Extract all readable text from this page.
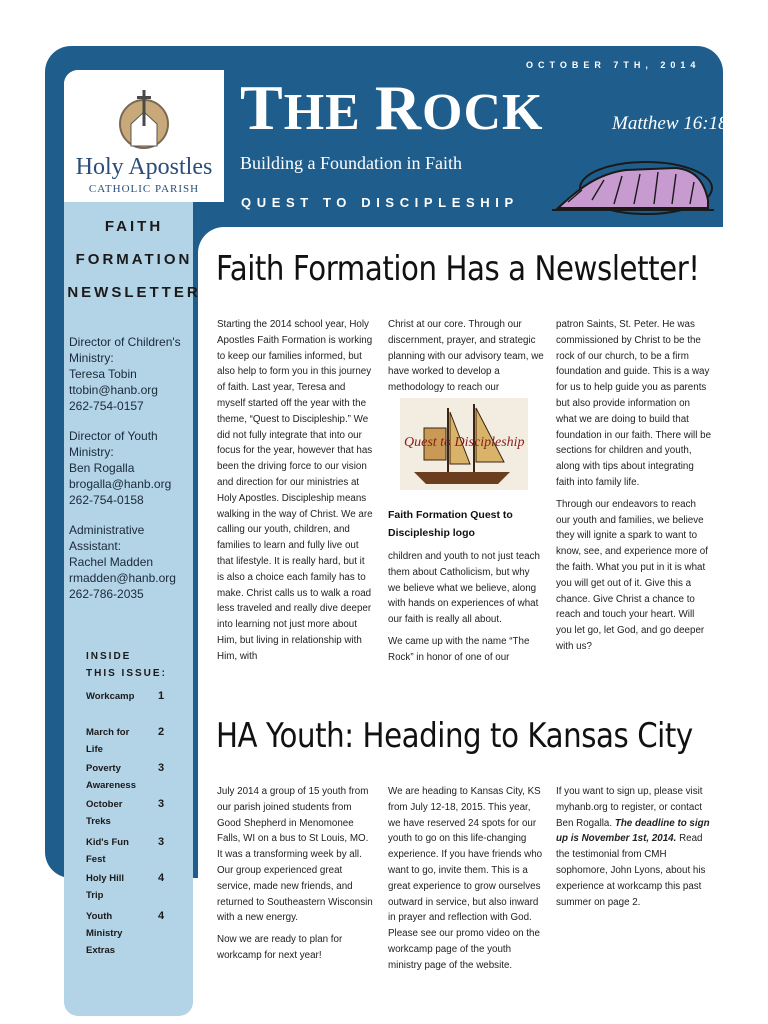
OCTOBER 7TH, 2014
THE ROCK	Matthew 16:18
Building a Foundation in Faith
QUEST TO DISCIPLESHIP
Holy Apostles
CATHOLIC PARISH
FAITH
FORMATION
NEWSLETTER

Director of Children's Ministry:
Teresa Tobin
ttobin@hanb.org
262-754-0157

Director of Youth Ministry:
Ben Rogalla
brogalla@hanb.org
262-754-0158

Administrative Assistant:
Rachel Madden
rmadden@hanb.org
262-786-2035

INSIDE
THIS ISSUE:
Workcamp	1
March for Life
2
Poverty Awareness
3
October Treks
3
Kid's Fun Fest
3
Holy Hill Trip
4
Youth Ministry Extras
4
Faith Formation Has a Newsletter!

Starting the 2014 school year, Holy Apostles Faith Formation is working to keep our families informed, but also help to form you in this journey of faith. Last year, Teresa and myself started off the year with the theme, “Quest to Discipleship.” We did not fully integrate that into our focus for the year, however that has been the driving force to our vision and direction for our ministries at Holy Apostles. Discipleship means walking in the way of Christ. We are calling our youth, children, and families to learn and fully live out that lifestyle. It is really hard, but it is also a choice each family has to make. Christ calls us to walk a road less traveled and really dive deeper into learning not just more about Him, but living in relationship with Him, with

Christ at our core. Through our discernment, prayer, and strategic planning with our advisory team, we have worked to develop a methodology to reach our

Quest to Discipleship
Faith Formation Quest to Discipleship logo

children and youth to not just teach them about Catholicism, but why we believe what we believe, along with hands on experiences of what our faith is really all about.

We came up with the name “The Rock” in honor of one of our

patron Saints, St. Peter. He was commissioned by Christ to be the rock of our church, to be a firm foundation and guide. This is a way for us to help guide you as parents but also provide information on what we are doing to build that foundation in our faith. There will be sections for children and youth, along with tips about integrating faith into family life.

Through our endeavors to reach our youth and families, we believe they will ignite a spark to want to know, see, and experience more of the faith. What you put in it is what you will get out of it. Give this a chance. Give Christ a chance to reach and touch your heart. Will you let go, let God, and go deeper with us?

HA Youth: Heading to Kansas City

July 2014 a group of 15 youth from our parish joined students from Good Shepherd in Menomonee Falls, WI on a bus to St Louis, MO. It was a transforming week by all. Our group experienced great service, made new friends, and returned to Southeastern Wisconsin with a new energy.

Now we are ready to plan for workcamp for next year!

We are heading to Kansas City, KS from July 12-18, 2015. This year, we have reserved 24 spots for our youth to go on this life-changing experience. If you have friends who want to go, invite them. This is a great experience to grow ourselves outward in service, but also inward in prayer and reflection with God. Please see our promo video on the workcamp page of the youth ministry page of the website.

If you want to sign up, please visit myhanb.org to register, or contact Ben Rogalla. The deadline to sign up is November 1st, 2014. Read the testimonial from CMH sophomore, John Lyons, about his experience at workcamp this past summer on page 2.
